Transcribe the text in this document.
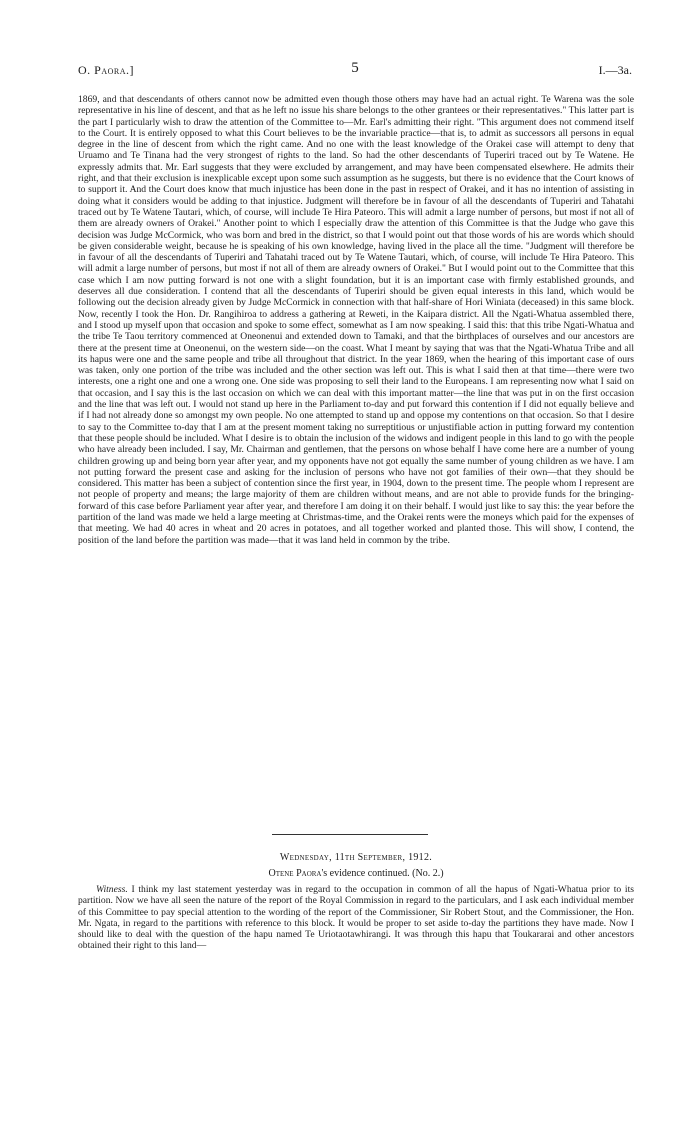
O. Paora.]	5	I.—3a.

1869, and that descendants of others cannot now be admitted even though those others may have had an actual right. Te Warena was the sole representative in his line of descent, and that as he left no issue his share belongs to the other grantees or their representatives." This latter part is the part I particularly wish to draw the attention of the Committee to—Mr. Earl's admitting their right. "This argument does not commend itself to the Court. It is entirely opposed to what this Court believes to be the invariable practice—that is, to admit as successors all persons in equal degree in the line of descent from which the right came. And no one with the least knowledge of the Orakei case will attempt to deny that Uruamo and Te Tinana had the very strongest of rights to the land. So had the other descendants of Tuperiri traced out by Te Watene. He expressly admits that. Mr. Earl suggests that they were excluded by arrangement, and may have been compensated elsewhere. He admits their right, and that their exclusion is inexplicable except upon some such assumption as he suggests, but there is no evidence that the Court knows of to support it. And the Court does know that much injustice has been done in the past in respect of Orakei, and it has no intention of assisting in doing what it considers would be adding to that injustice. Judgment will therefore be in favour of all the descendants of Tuperiri and Tahatahi traced out by Te Watene Tautari, which, of course, will include Te Hira Pateoro. This will admit a large number of persons, but most if not all of them are already owners of Orakei." Another point to which I especially draw the attention of this Committee is that the Judge who gave this decision was Judge McCormick, who was born and bred in the district, so that I would point out that those words of his are words which should be given considerable weight, because he is speaking of his own knowledge, having lived in the place all the time. "Judgment will therefore be in favour of all the descendants of Tuperiri and Tahatahi traced out by Te Watene Tautari, which, of course, will include Te Hira Pateoro. This will admit a large number of persons, but most if not all of them are already owners of Orakei." But I would point out to the Committee that this case which I am now putting forward is not one with a slight foundation, but it is an important case with firmly established grounds, and deserves all due consideration. I contend that all the descendants of Tuperiri should be given equal interests in this land, which would be following out the decision already given by Judge McCormick in connection with that half-share of Hori Winiata (deceased) in this same block. Now, recently I took the Hon. Dr. Rangihiroa to address a gathering at Reweti, in the Kaipara district. All the Ngati-Whatua assembled there, and I stood up myself upon that occasion and spoke to some effect, somewhat as I am now speaking. I said this: that this tribe Ngati-Whatua and the tribe Te Taou territory commenced at Oneonenui and extended down to Tamaki, and that the birthplaces of ourselves and our ancestors are there at the present time at Oneonenui, on the western side—on the coast. What I meant by saying that was that the Ngati-Whatua Tribe and all its hapus were one and the same people and tribe all throughout that district. In the year 1869, when the hearing of this important case of ours was taken, only one portion of the tribe was included and the other section was left out. This is what I said then at that time—there were two interests, one a right one and one a wrong one. One side was proposing to sell their land to the Europeans. I am representing now what I said on that occasion, and I say this is the last occasion on which we can deal with this important matter—the line that was put in on the first occasion and the line that was left out. I would not stand up here in the Parliament to-day and put forward this contention if I did not equally believe and if I had not already done so amongst my own people. No one attempted to stand up and oppose my contentions on that occasion. So that I desire to say to the Committee to-day that I am at the present moment taking no surreptitious or unjustifiable action in putting forward my contention that these people should be included. What I desire is to obtain the inclusion of the widows and indigent people in this land to go with the people who have already been included. I say, Mr. Chairman and gentlemen, that the persons on whose behalf I have come here are a number of young children growing up and being born year after year, and my opponents have not got equally the same number of young children as we have. I am not putting forward the present case and asking for the inclusion of persons who have not got families of their own—that they should be considered. This matter has been a subject of contention since the first year, in 1904, down to the present time. The people whom I represent are not people of property and means; the large majority of them are children without means, and are not able to provide funds for the bringing-forward of this case before Parliament year after year, and therefore I am doing it on their behalf. I would just like to say this: the year before the partition of the land was made we held a large meeting at Christmas-time, and the Orakei rents were the moneys which paid for the expenses of that meeting. We had 40 acres in wheat and 20 acres in potatoes, and all together worked and planted those. This will show, I contend, the position of the land before the partition was made—that it was land held in common by the tribe.

Wednesday, 11th September, 1912.
Otene Paora's evidence continued. (No. 2.)

Witness. I think my last statement yesterday was in regard to the occupation in common of all the hapus of Ngati-Whatua prior to its partition. Now we have all seen the nature of the report of the Royal Commission in regard to the particulars, and I ask each individual member of this Committee to pay special attention to the wording of the report of the Commissioner, Sir Robert Stout, and the Commissioner, the Hon. Mr. Ngata, in regard to the partitions with reference to this block. It would be proper to set aside to-day the partitions they have made. Now I should like to deal with the question of the hapu named Te Uriotaotawhirangi. It was through this hapu that Toukararai and other ancestors obtained their right to this land—
